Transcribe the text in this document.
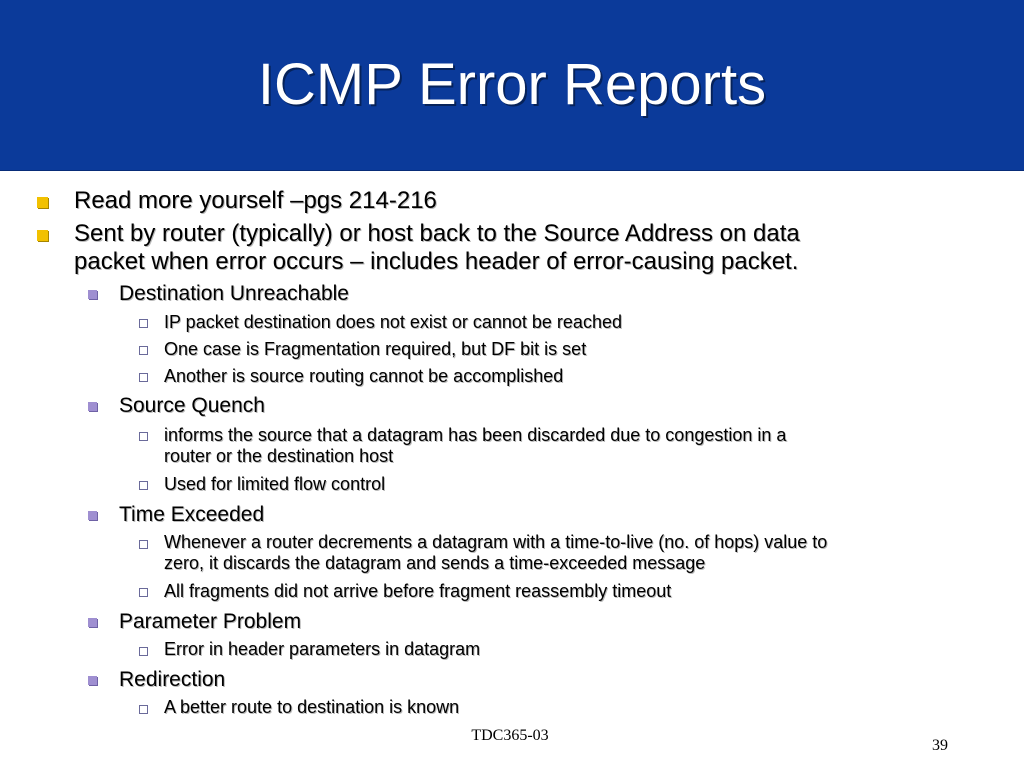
ICMP Error Reports

Read more yourself –pgs 214-216

Sent by router (typically) or host back to the Source Address on data

packet when error occurs – includes header of error-causing packet.

Destination Unreachable

IP packet destination does not exist or cannot be reached

One case is Fragmentation required, but DF bit is set

Another is source routing cannot be accomplished

Source Quench

informs the source that a datagram has been discarded due to congestion in a

router or the destination host

Used for limited flow control

Time Exceeded

Whenever a router decrements a datagram with a time-to-live (no. of hops) value to

zero, it discards the datagram and sends a time-exceeded message

All fragments did not arrive before fragment reassembly timeout

Parameter Problem

Error in header parameters in datagram

Redirection

A better route to destination is known

TDC365-03
39
